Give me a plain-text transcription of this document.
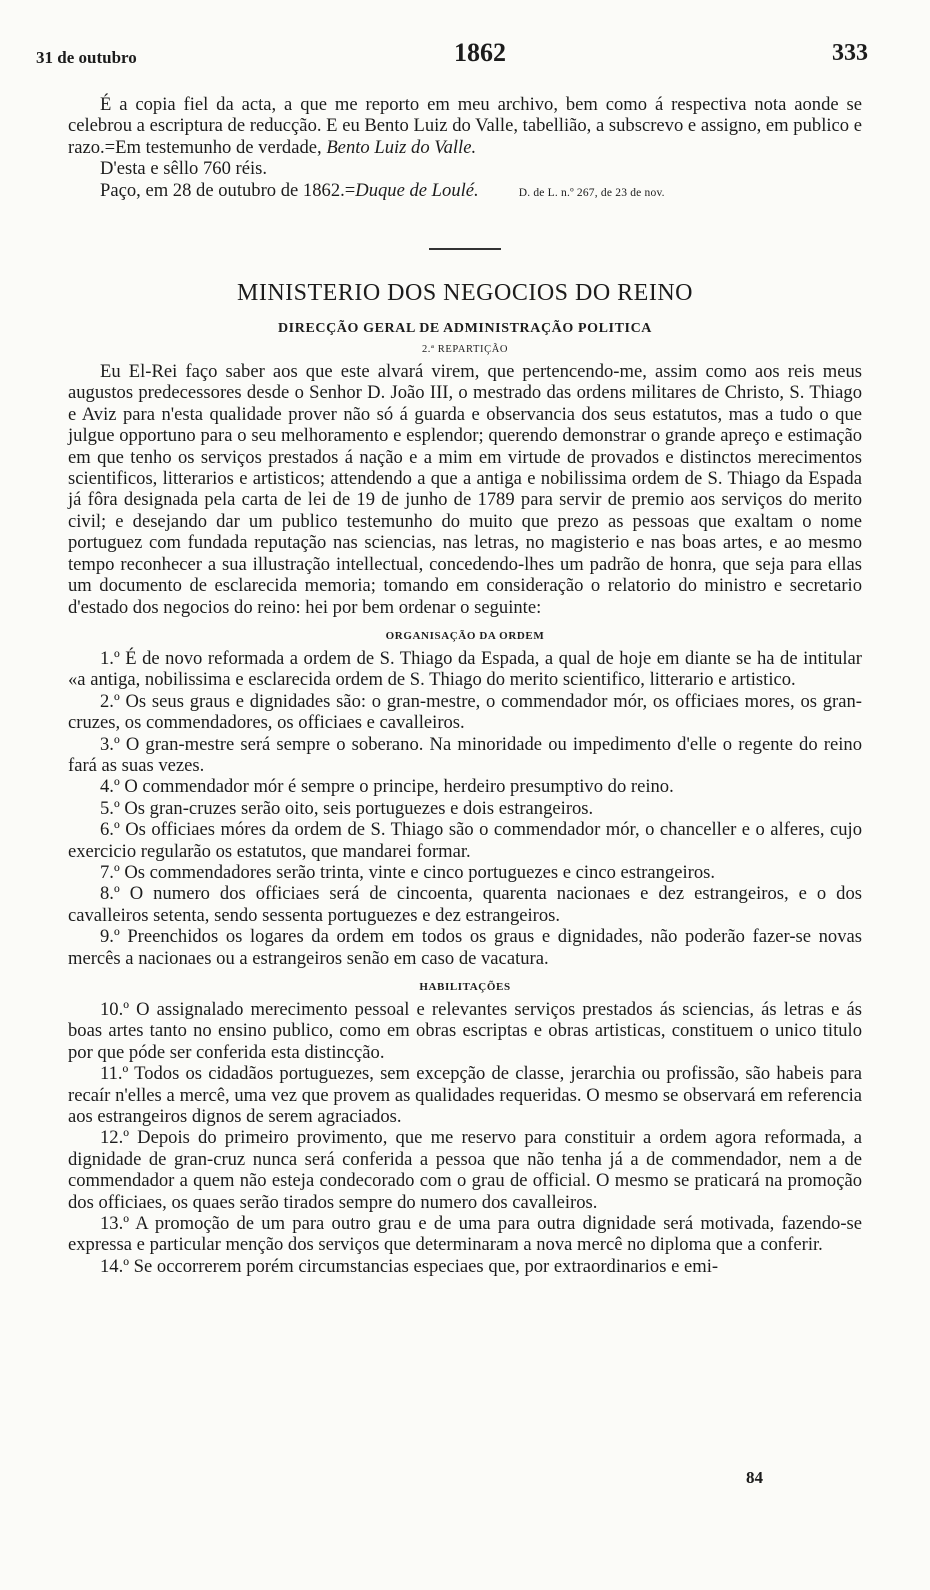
31 de outubro	1862	333

É a copia fiel da acta, a que me reporto em meu archivo, bem como á respectiva nota aonde se celebrou a escriptura de reducção. E eu Bento Luiz do Valle, tabellião, a subscrevo e assigno, em publico e razo.=Em testemunho de verdade, Bento Luiz do Valle.

D'esta e sêllo 760 réis.

Paço, em 28 de outubro de 1862.=Duque de Loulé.	D. de L. n.º 267, de 23 de nov.

MINISTERIO DOS NEGOCIOS DO REINO
DIRECÇÃO GERAL DE ADMINISTRAÇÃO POLITICA
2.ª REPARTIÇÃO

Eu El-Rei faço saber aos que este alvará virem, que pertencendo-me, assim como aos reis meus augustos predecessores desde o Senhor D. João III, o mestrado das ordens militares de Christo, S. Thiago e Aviz para n'esta qualidade prover não só á guarda e observancia dos seus estatutos, mas a tudo o que julgue opportuno para o seu melhoramento e esplendor; querendo demonstrar o grande apreço e estimação em que tenho os serviços prestados á nação e a mim em virtude de provados e distinctos merecimentos scientificos, litterarios e artisticos; attendendo a que a antiga e nobilissima ordem de S. Thiago da Espada já fôra designada pela carta de lei de 19 de junho de 1789 para servir de premio aos serviços do merito civil; e desejando dar um publico testemunho do muito que prezo as pessoas que exaltam o nome portuguez com fundada reputação nas sciencias, nas letras, no magisterio e nas boas artes, e ao mesmo tempo reconhecer a sua illustração intellectual, concedendo-lhes um padrão de honra, que seja para ellas um documento de esclarecida memoria; tomando em consideração o relatorio do ministro e secretario d'estado dos negocios do reino: hei por bem ordenar o seguinte:

ORGANISAÇÃO DA ORDEM

1.º É de novo reformada a ordem de S. Thiago da Espada, a qual de hoje em diante se ha de intitular «a antiga, nobilissima e esclarecida ordem de S. Thiago do merito scientifico, litterario e artistico.

2.º Os seus graus e dignidades são: o gran-mestre, o commendador mór, os officiaes mores, os gran-cruzes, os commendadores, os officiaes e cavalleiros.

3.º O gran-mestre será sempre o soberano. Na minoridade ou impedimento d'elle o regente do reino fará as suas vezes.

4.º O commendador mór é sempre o principe, herdeiro presumptivo do reino.

5.º Os gran-cruzes serão oito, seis portuguezes e dois estrangeiros.

6.º Os officiaes móres da ordem de S. Thiago são o commendador mór, o chanceller e o alferes, cujo exercicio regularão os estatutos, que mandarei formar.

7.º Os commendadores serão trinta, vinte e cinco portuguezes e cinco estrangeiros.

8.º O numero dos officiaes será de cincoenta, quarenta nacionaes e dez estrangeiros, e o dos cavalleiros setenta, sendo sessenta portuguezes e dez estrangeiros.

9.º Preenchidos os logares da ordem em todos os graus e dignidades, não poderão fazer-se novas mercês a nacionaes ou a estrangeiros senão em caso de vacatura.

HABILITAÇÕES

10.º O assignalado merecimento pessoal e relevantes serviços prestados ás sciencias, ás letras e ás boas artes tanto no ensino publico, como em obras escriptas e obras artisticas, constituem o unico titulo por que póde ser conferida esta distincção.

11.º Todos os cidadãos portuguezes, sem excepção de classe, jerarchia ou profissão, são habeis para recaír n'elles a mercê, uma vez que provem as qualidades requeridas. O mesmo se observará em referencia aos estrangeiros dignos de serem agraciados.

12.º Depois do primeiro provimento, que me reservo para constituir a ordem agora reformada, a dignidade de gran-cruz nunca será conferida a pessoa que não tenha já a de commendador, nem a de commendador a quem não esteja condecorado com o grau de official. O mesmo se praticará na promoção dos officiaes, os quaes serão tirados sempre do numero dos cavalleiros.

13.º A promoção de um para outro grau e de uma para outra dignidade será motivada, fazendo-se expressa e particular menção dos serviços que determinaram a nova mercê no diploma que a conferir.

14.º Se occorrerem porém circumstancias especiaes que, por extraordinarios e emi-

84
